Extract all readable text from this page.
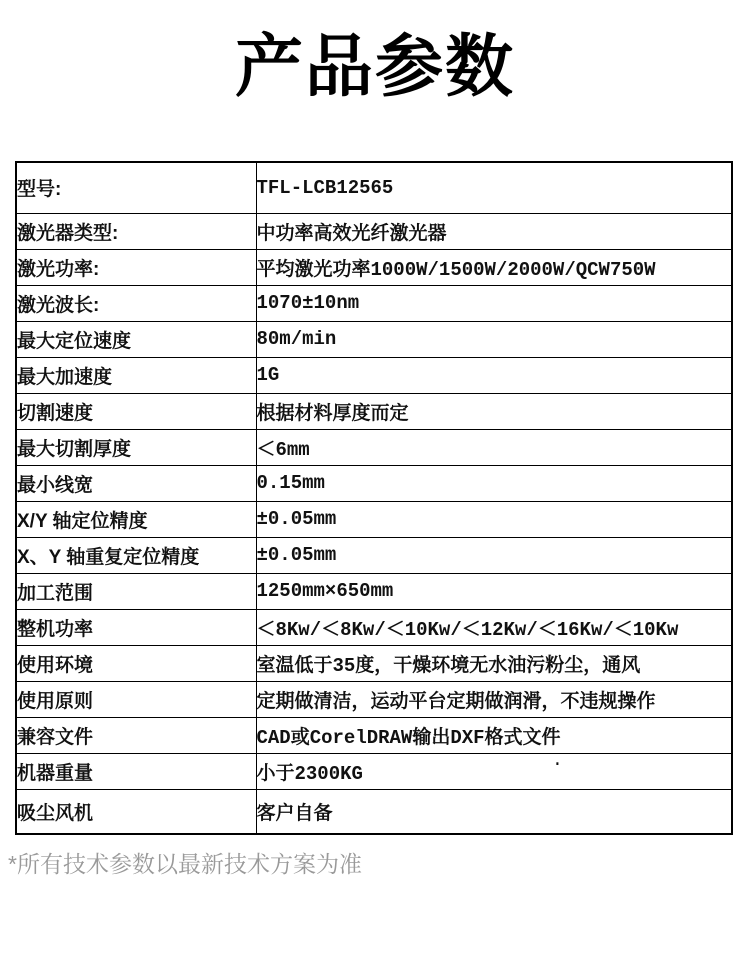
产品参数
型号:	TFL-LCB12565
激光器类型:	中功率高效光纤激光器
激光功率:	平均激光功率1000W/1500W/2000W/QCW750W
激光波长:	1070±10nm
最大定位速度	80m/min
最大加速度	1G
切割速度	根据材料厚度而定
最大切割厚度	＜6mm
最小线宽	0.15mm
X/Y 轴定位精度	±0.05mm
X、Y 轴重复定位精度	±0.05mm
加工范围	1250mm×650mm
整机功率	＜8Kw/＜8Kw/＜10Kw/＜12Kw/＜16Kw/＜10Kw
使用环境	室温低于35度，干燥环境无水油污粉尘，通风
使用原则	定期做清洁，运动平台定期做润滑，不违规操作
兼容文件	CAD或CorelDRAW输出DXF格式文件
机器重量	小于2300KG
吸尘风机	客户自备
.

*所有技术参数以最新技术方案为准
